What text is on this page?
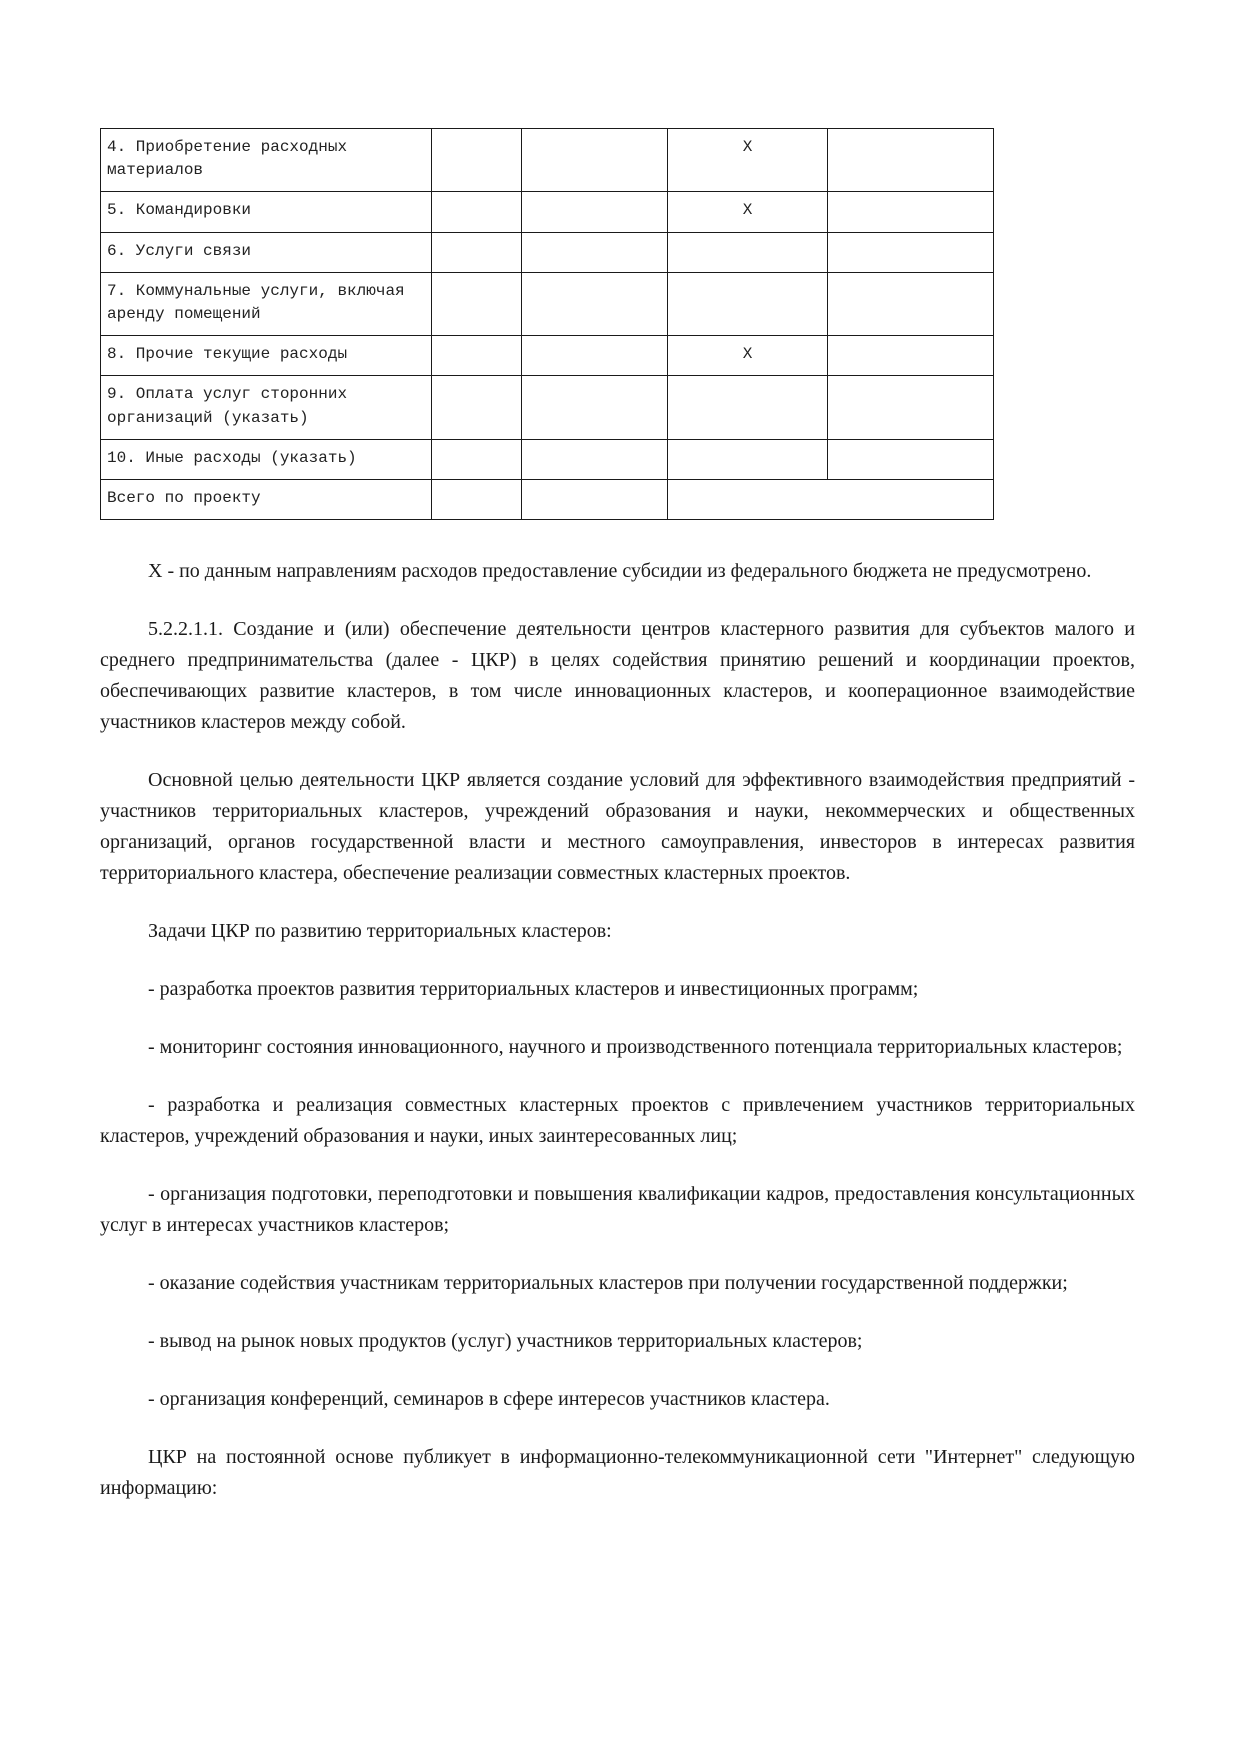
4. Приобретение расходных материалов			X	
5. Командировки			X	
6. Услуги связи				
7. Коммунальные услуги, включая аренду помещений				
8. Прочие текущие расходы			X	
9. Оплата услуг сторонних организаций (указать)				
10. Иные расходы (указать)				
Всего по проекту				

Х - по данным направлениям расходов предоставление субсидии из федерального бюджета не предусмотрено.

5.2.2.1.1. Создание и (или) обеспечение деятельности центров кластерного развития для субъектов малого и среднего предпринимательства (далее - ЦКР) в целях содействия принятию решений и координации проектов, обеспечивающих развитие кластеров, в том числе инновационных кластеров, и кооперационное взаимодействие участников кластеров между собой.

Основной целью деятельности ЦКР является создание условий для эффективного взаимодействия предприятий - участников территориальных кластеров, учреждений образования и науки, некоммерческих и общественных организаций, органов государственной власти и местного самоуправления, инвесторов в интересах развития территориального кластера, обеспечение реализации совместных кластерных проектов.

Задачи ЦКР по развитию территориальных кластеров:

- разработка проектов развития территориальных кластеров и инвестиционных программ;

- мониторинг состояния инновационного, научного и производственного потенциала территориальных кластеров;

- разработка и реализация совместных кластерных проектов с привлечением участников территориальных кластеров, учреждений образования и науки, иных заинтересованных лиц;

- организация подготовки, переподготовки и повышения квалификации кадров, предоставления консультационных услуг в интересах участников кластеров;

- оказание содействия участникам территориальных кластеров при получении государственной поддержки;

- вывод на рынок новых продуктов (услуг) участников территориальных кластеров;

- организация конференций, семинаров в сфере интересов участников кластера.

ЦКР на постоянной основе публикует в информационно-телекоммуникационной сети "Интернет" следующую информацию:
